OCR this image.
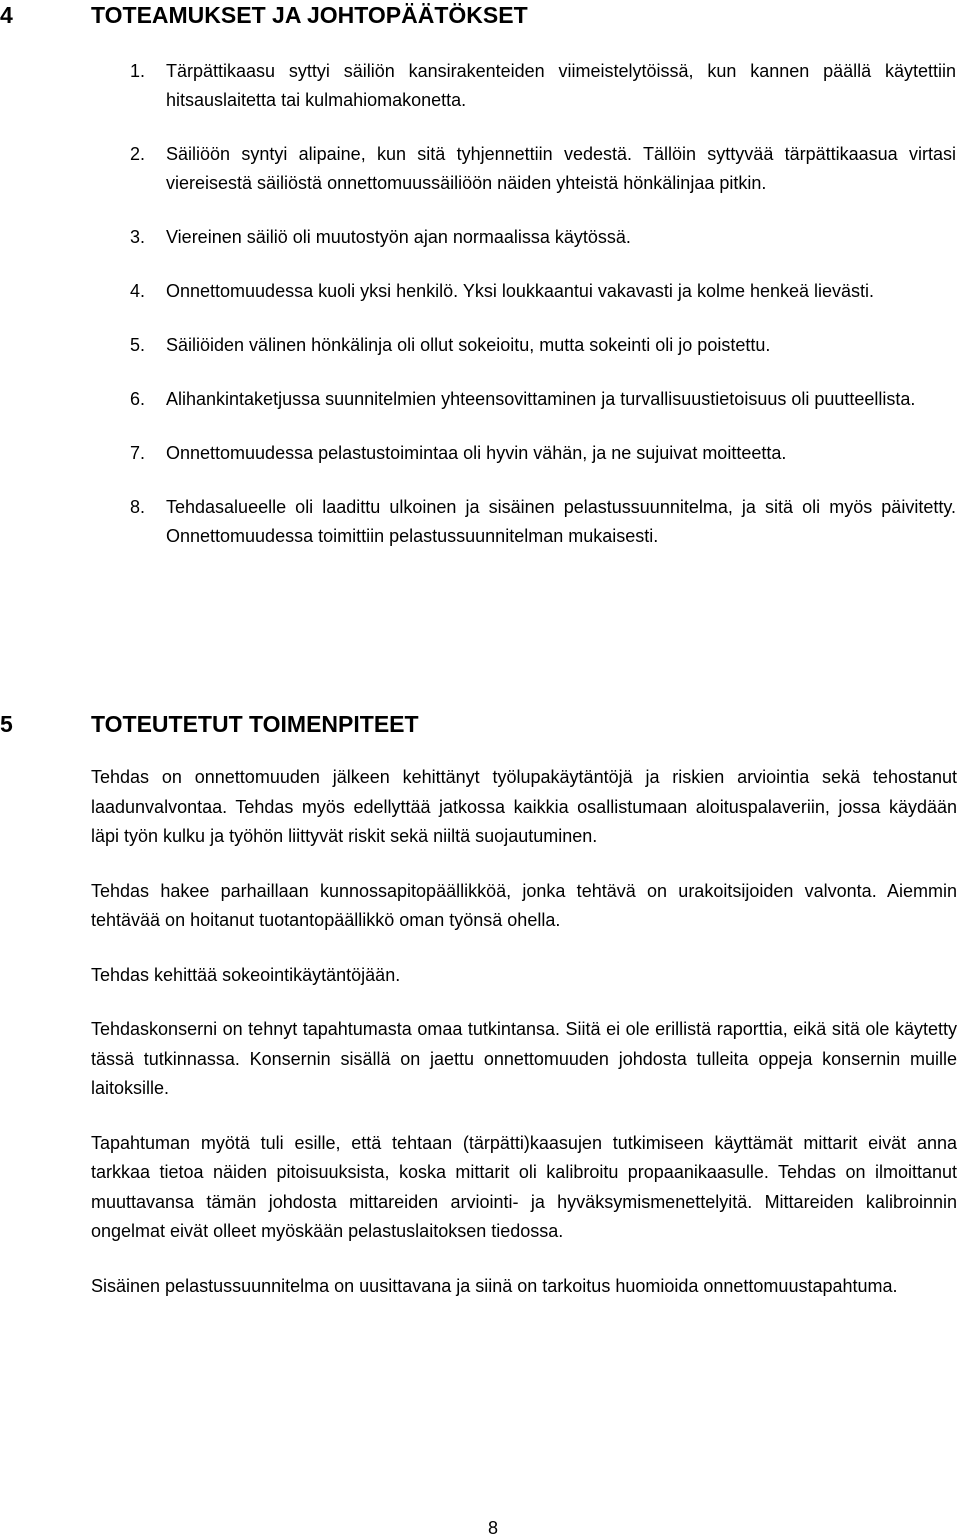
4	TOTEAMUKSET JA JOHTOPÄÄTÖKSET
1. Tärpättikaasu syttyi säiliön kansirakenteiden viimeistelytöissä, kun kannen päällä käytettiin hitsauslaitetta tai kulmahiomakonetta.
2. Säiliöön syntyi alipaine, kun sitä tyhjennettiin vedestä. Tällöin syttyvää tärpättikaasua virtasi viereisestä säiliöstä onnettomuussäiliöön näiden yhteistä hönkälinjaa pitkin.
3. Viereinen säiliö oli muutostyön ajan normaalissa käytössä.
4. Onnettomuudessa kuoli yksi henkilö. Yksi loukkaantui vakavasti ja kolme henkeä lievästi.
5. Säiliöiden välinen hönkälinja oli ollut sokeioitu, mutta sokeinti oli jo poistettu.
6. Alihankintaketjussa suunnitelmien yhteensovittaminen ja turvallisuustietoisuus oli puutteellista.
7. Onnettomuudessa pelastustoimintaa oli hyvin vähän, ja ne sujuivat moitteetta.
8. Tehdasalueelle oli laadittu ulkoinen ja sisäinen pelastussuunnitelma, ja sitä oli myös päivitetty. Onnettomuudessa toimittiin pelastussuunnitelman mukaisesti.
5	TOTEUTETUT TOIMENPITEET

Tehdas on onnettomuuden jälkeen kehittänyt työlupakäytäntöjä ja riskien arviointia sekä tehostanut laadunvalvontaa. Tehdas myös edellyttää jatkossa kaikkia osallistumaan aloituspalaveriin, jossa käydään läpi työn kulku ja työhön liittyvät riskit sekä niiltä suojautuminen.

Tehdas hakee parhaillaan kunnossapitopäällikköä, jonka tehtävä on urakoitsijoiden valvonta. Aiemmin tehtävää on hoitanut tuotantopäällikkö oman työnsä ohella.

Tehdas kehittää sokeointikäytäntöjään.

Tehdaskonserni on tehnyt tapahtumasta omaa tutkintansa. Siitä ei ole erillistä raporttia, eikä sitä ole käytetty tässä tutkinnassa. Konsernin sisällä on jaettu onnettomuuden johdosta tulleita oppeja konsernin muille laitoksille.

Tapahtuman myötä tuli esille, että tehtaan (tärpätti)kaasujen tutkimiseen käyttämät mittarit eivät anna tarkkaa tietoa näiden pitoisuuksista, koska mittarit oli kalibroitu propaanikaasulle. Tehdas on ilmoittanut muuttavansa tämän johdosta mittareiden arviointi- ja hyväksymismenettelyitä. Mittareiden kalibroinnin ongelmat eivät olleet myöskään pelastuslaitoksen tiedossa.

Sisäinen pelastussuunnitelma on uusittavana ja siinä on tarkoitus huomioida onnettomuustapahtuma.

8
